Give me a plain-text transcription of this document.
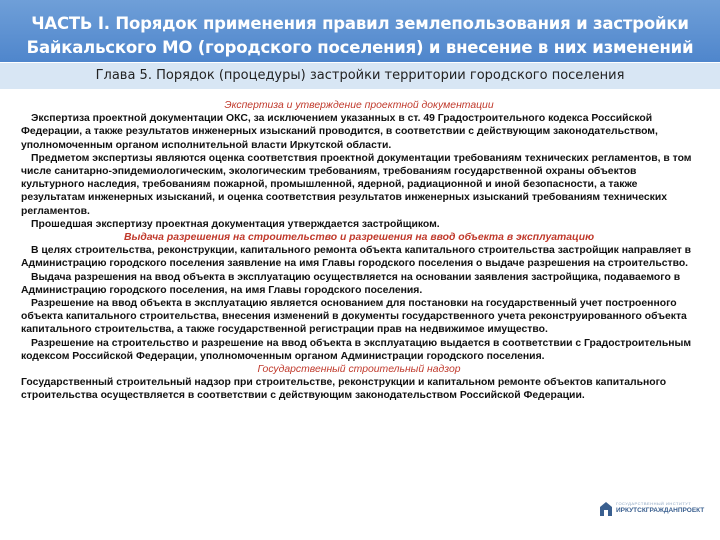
ЧАСТЬ I. Порядок применения правил землепользования и застройки
Байкальского МО (городского поселения) и внесение в них изменений
Глава 5. Порядок (процедуры) застройки территории городского поселения

Экспертиза и утверждение проектной документации

Экспертиза проектной документации ОКС, за исключением указанных в ст. 49 Градостроительного кодекса Российской Федерации, а также результатов инженерных изысканий проводится, в соответствии с действующим законодательством, уполномоченным органом исполнительной власти Иркутской области.

Предметом экспертизы являются оценка соответствия проектной документации требованиям технических регламентов, в том числе санитарно-эпидемиологическим, экологическим требованиям, требованиям государственной охраны объектов культурного наследия, требованиям пожарной, промышленной, ядерной, радиационной и иной безопасности, а также результатам инженерных изысканий, и оценка соответствия результатов инженерных изысканий требованиям технических регламентов.

Прошедшая экспертизу проектная документация утверждается застройщиком.

Выдача разрешения на строительство и разрешения на ввод объекта в эксплуатацию

В целях строительства, реконструкции, капитального ремонта объекта капитального строительства застройщик направляет в Администрацию городского поселения заявление на имя Главы городского поселения о выдаче разрешения на строительство.

Выдача разрешения на ввод объекта в эксплуатацию осуществляется на основании заявления застройщика, подаваемого в Администрацию городского поселения, на имя Главы городского поселения.

Разрешение на ввод объекта в эксплуатацию является основанием для постановки на государственный учет построенного объекта капитального строительства, внесения изменений в документы государственного учета реконструированного объекта капитального строительства, а также государственной регистрации прав на недвижимое имущество.

Разрешение на строительство и разрешение на ввод объекта в эксплуатацию выдается в соответствии с Градостроительным кодексом Российской Федерации, уполномоченным органом Администрации городского поселения.

Государственный строительный надзор

Государственный строительный надзор при строительстве, реконструкции и капитальном ремонте объектов капитального строительства осуществляется в соответствии с действующим законодательством Российской Федерации.

ГОСУДАРСТВЕННЫЙ ИНСТИТУТ
ИРКУТСКГРАЖДАНПРОЕКТ
